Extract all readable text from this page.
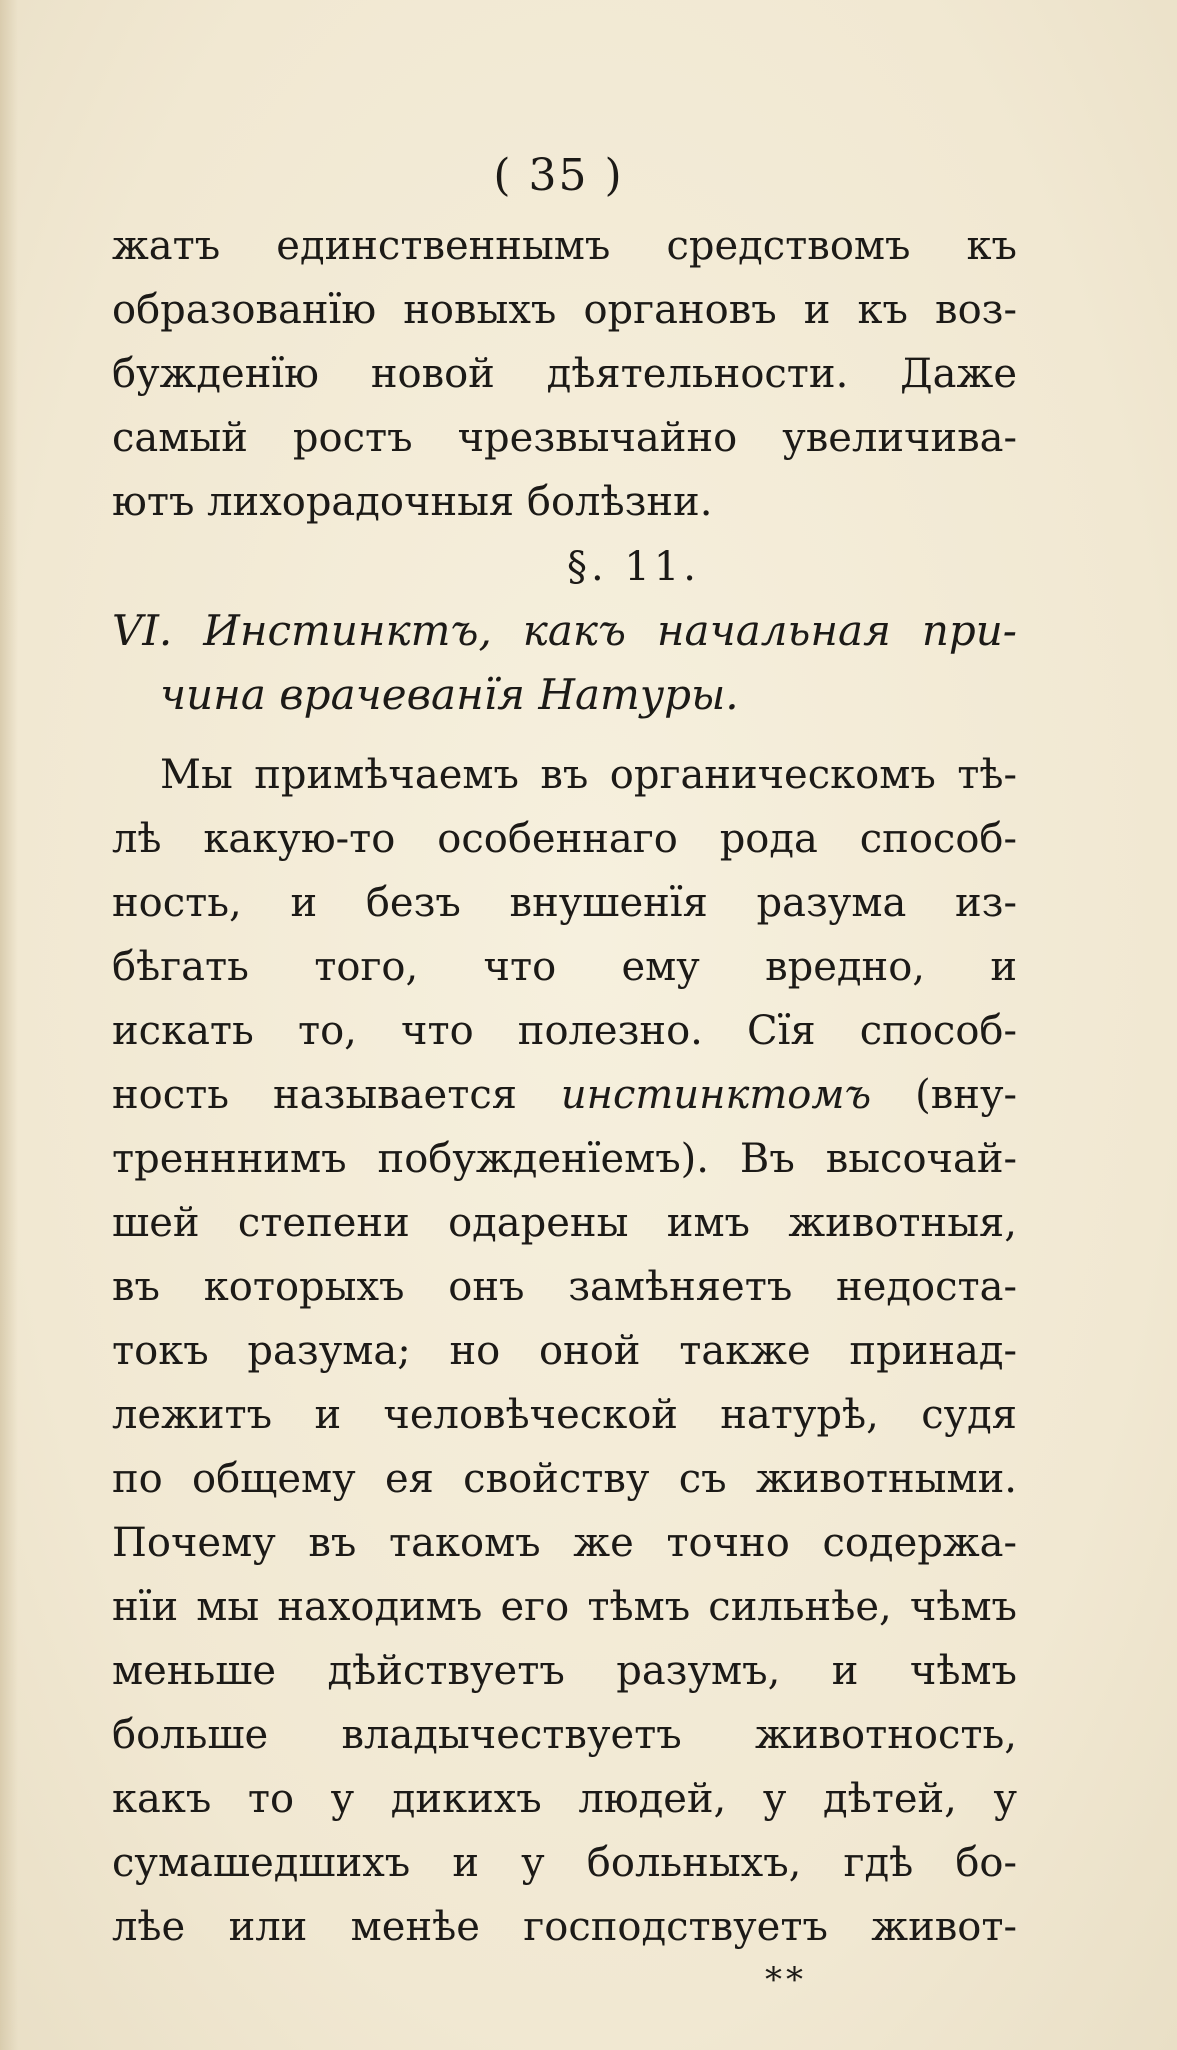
( 35 )
жатъ единственнымъ средствомъ къ
образованїю новыхъ органовъ и къ воз-
бужденїю новой дѣятельности. Даже
самый ростъ чрезвычайно увеличива-
ютъ лихорадочныя болѣзни.
§. 11.
VI. Инстинктъ, какъ начальная при-
чина врачеванїя Натуры.
Мы примѣчаемъ въ органическомъ тѣ-
лѣ какую-то особеннаго рода способ-
ность, и безъ внушенїя разума из-
бѣгать того, что ему вредно, и
искать то, что полезно. Сїя способ-
ность называется инстинктомъ (вну-
тренннимъ побужденїемъ). Въ высочай-
шей степени одарены имъ животныя,
въ которыхъ онъ замѣняетъ недоста-
токъ разума; но оной также принад-
лежитъ и человѣческой натурѣ, судя
по общему ея свойству съ животными.
Почему въ такомъ же точно содержа-
нїи мы находимъ его тѣмъ сильнѣе, чѣмъ
меньше дѣйствуетъ разумъ, и чѣмъ
больше владычествуетъ животность,
какъ то у дикихъ людей, у дѣтей, у
сумашедшихъ и у больныхъ, гдѣ бо-
лѣе или менѣе господствуетъ живот-
**
